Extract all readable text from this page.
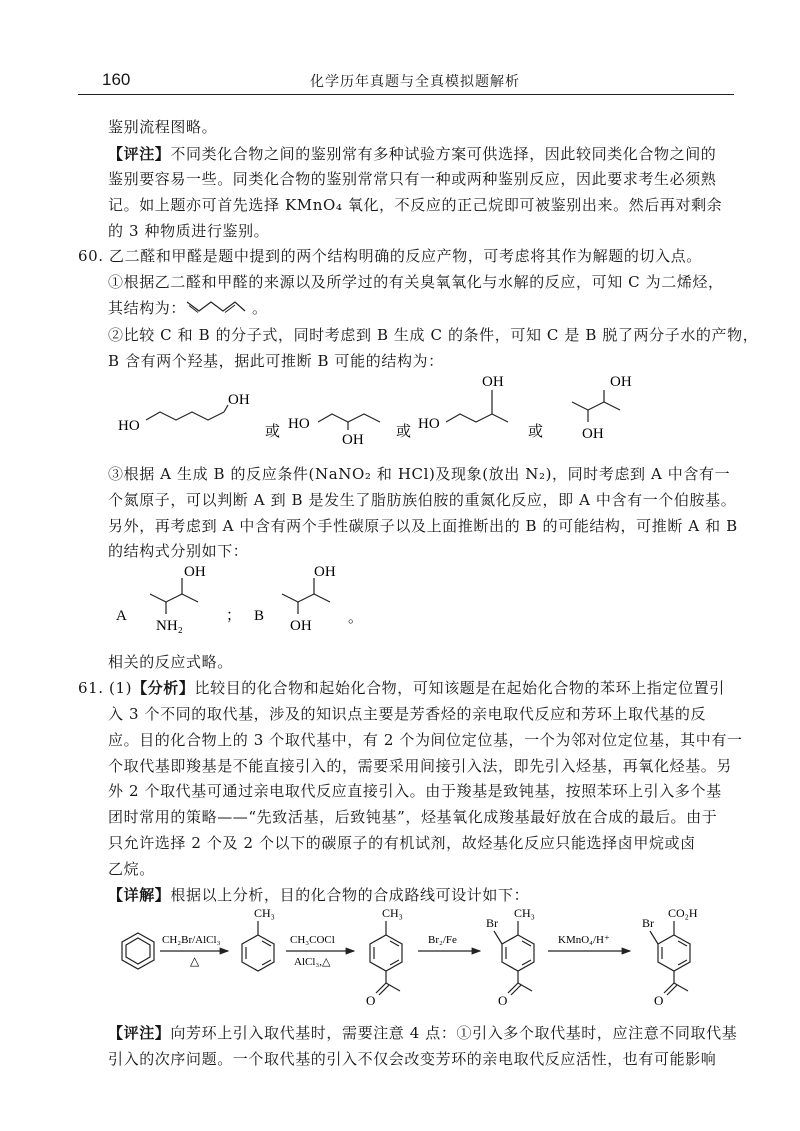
160	化学历年真题与全真模拟题解析
鉴别流程图略。
【评注】不同类化合物之间的鉴别常有多种试验方案可供选择，因此较同类化合物之间的
鉴别要容易一些。同类化合物的鉴别常常只有一种或两种鉴别反应，因此要求考生必须熟
记。如上题亦可首先选择 KMnO₄ 氧化，不反应的正己烷即可被鉴别出来。然后再对剩余
的 3 种物质进行鉴别。
60. 乙二醛和甲醛是题中提到的两个结构明确的反应产物，可考虑将其作为解题的切入点。
①根据乙二醛和甲醛的来源以及所学过的有关臭氧氧化与水解的反应，可知 C 为二烯烃，
其结构为：	。
②比较 C 和 B 的分子式，同时考虑到 B 生成 C 的条件，可知 C 是 B 脱了两分子水的产物，
B 含有两个羟基，据此可推断 B 可能的结构为：
HO
OH
或 HO
OH 或 HO
OH
或
OH
OH
③根据 A 生成 B 的反应条件(NaNO₂ 和 HCl)及现象(放出 N₂)，同时考虑到 A 中含有一
个氮原子，可以判断 A 到 B 是发生了脂肪族伯胺的重氮化反应，即 A 中含有一个伯胺基。
另外，再考虑到 A 中含有两个手性碳原子以及上面推断出的 B 的可能结构，可推断 A 和 B
的结构式分别如下：
A
OH
NH₂
； B
OH
OH 。
相关的反应式略。
61. (1)【分析】比较目的化合物和起始化合物，可知该题是在起始化合物的苯环上指定位置引
入 3 个不同的取代基，涉及的知识点主要是芳香烃的亲电取代反应和芳环上取代基的反
应。目的化合物上的 3 个取代基中，有 2 个为间位定位基，一个为邻对位定位基，其中有一
个取代基即羧基是不能直接引入的，需要采用间接引入法，即先引入烃基，再氧化烃基。另
外 2 个取代基可通过亲电取代反应直接引入。由于羧基是致钝基，按照苯环上引入多个基
团时常用的策略——“先致活基，后致钝基”，烃基氧化成羧基最好放在合成的最后。由于
只允许选择 2 个及 2 个以下的碳原子的有机试剂，故烃基化反应只能选择卤甲烷或卤
乙烷。
【详解】根据以上分析，目的化合物的合成路线可设计如下：
CH₂Br/AlCl₃
△
CH₃
CH₃COCl
AlCl₃,△
CH₃
O
Br₂/Fe
Br
CH₃
O
KMnO₄/H⁺
Br
CO₂H
O
【评注】向芳环上引入取代基时，需要注意 4 点：①引入多个取代基时，应注意不同取代基
引入的次序问题。一个取代基的引入不仅会改变芳环的亲电取代反应活性，也有可能影响
